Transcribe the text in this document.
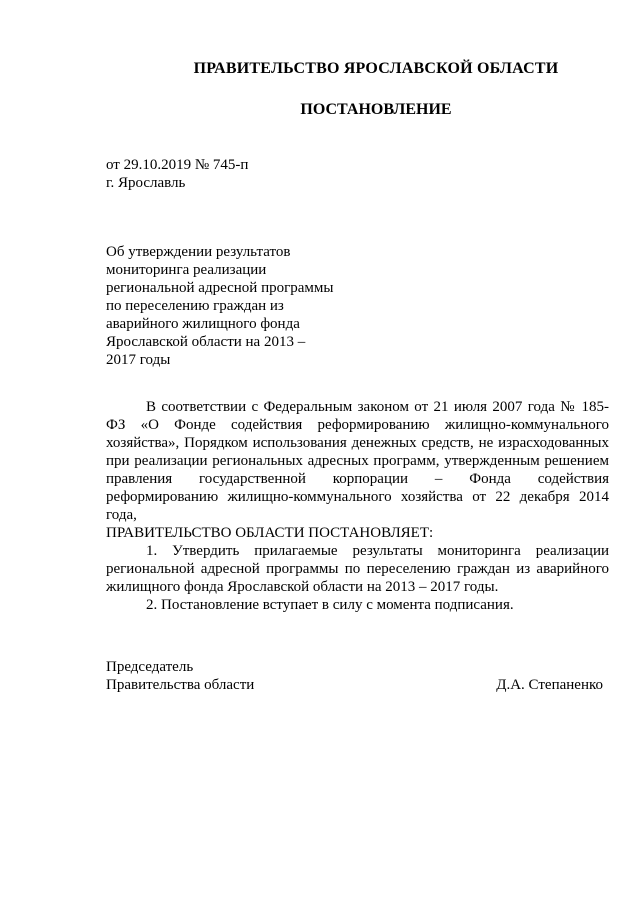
ПРАВИТЕЛЬСТВО ЯРОСЛАВСКОЙ ОБЛАСТИ
ПОСТАНОВЛЕНИЕ
от 29.10.2019 № 745-п
г. Ярославль
Об утверждении результатов
мониторинга реализации
региональной адресной программы
по переселению граждан из
аварийного жилищного фонда
Ярославской области на 2013 –
2017 годы

В соответствии с Федеральным законом от 21 июля 2007 года № 185-ФЗ «О Фонде содействия реформированию жилищно-коммунального хозяйства», Порядком использования денежных средств, не израсходованных при реализации региональных адресных программ, утвержденным решением правления государственной корпорации – Фонда содействия реформированию жилищно-коммунального хозяйства от 22 декабря 2014 года,

ПРАВИТЕЛЬСТВО ОБЛАСТИ ПОСТАНОВЛЯЕТ:

1. Утвердить прилагаемые результаты мониторинга реализации региональной адресной программы по переселению граждан из аварийного жилищного фонда Ярославской области на 2013 – 2017 годы.

2. Постановление вступает в силу с момента подписания.

Председатель
Правительства области	Д.А. Степаненко
